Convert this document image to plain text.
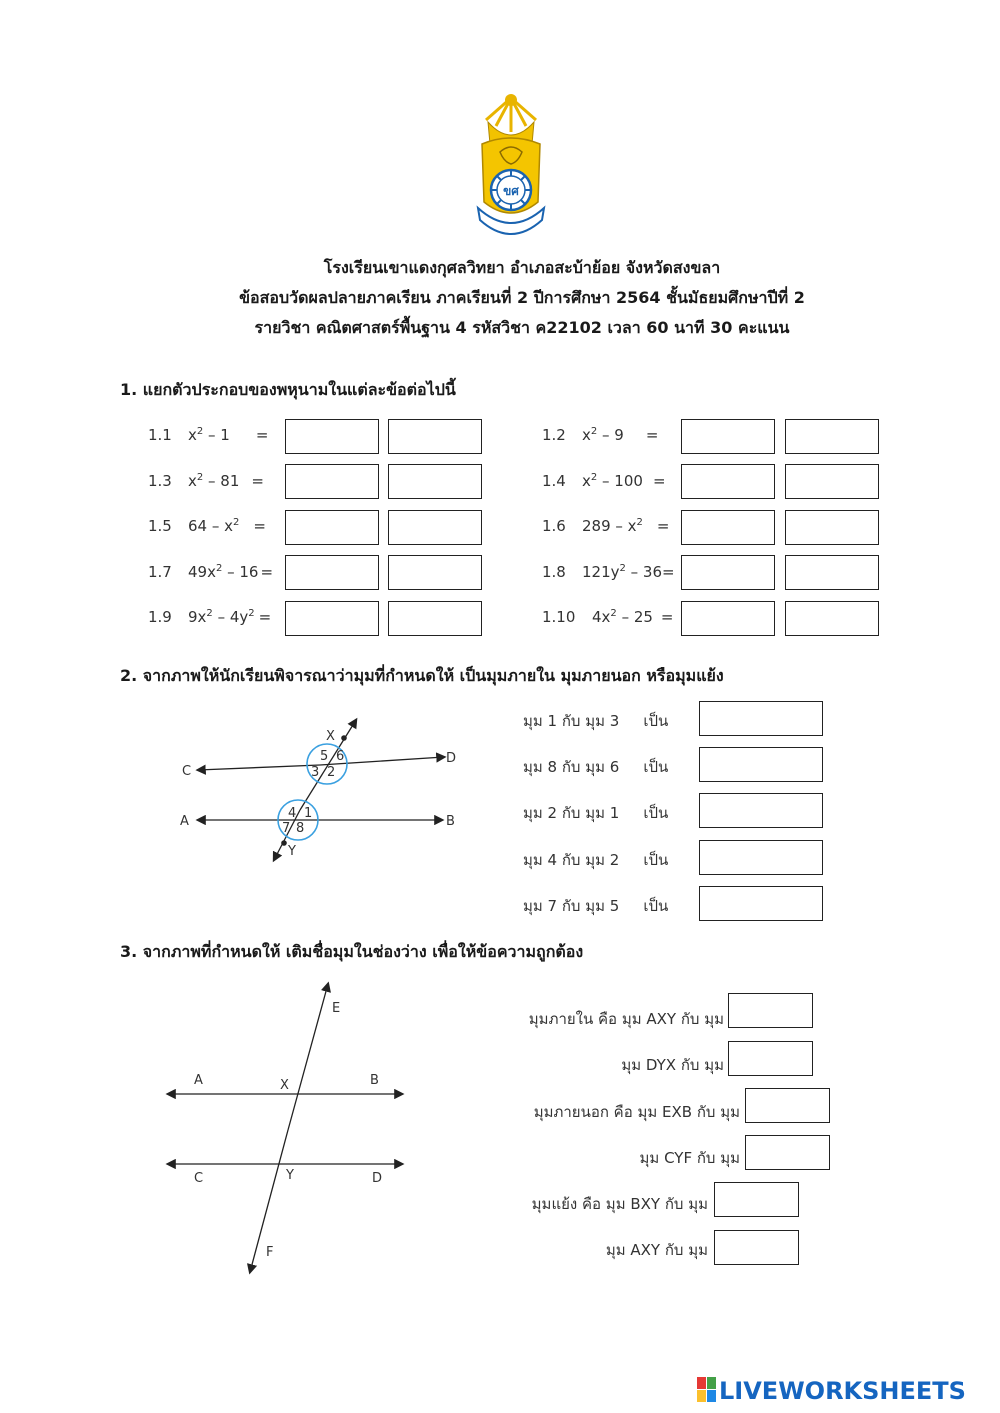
ขศ
โรงเรียนเขาแดงกุศลวิทยา อำเภอสะบ้าย้อย จังหวัดสงขลา
ข้อสอบวัดผลปลายภาคเรียน ภาคเรียนที่ 2 ปีการศึกษา 2564 ชั้นมัธยมศึกษาปีที่ 2
รายวิชา คณิตศาสตร์พื้นฐาน 4 รหัสวิชา ค22102 เวลา 60 นาที 30 คะแนน
1. แยกตัวประกอบของพหุนามในแต่ละข้อต่อไปนี้
1.1 $x^2 - 1$ =	1.2 $x^2 - 9$ =
1.3 $x^2 - 81$ =	1.4 $x^2 - 100$ =
1.5 $64 - x^2$ =	1.6 $289 - x^2$ =
1.7 $49x^2 - 16$ =	1.8 $121y^2 - 36=$
1.9 $9x^2 - 4y^2$ =	1.10 $4x^2 - 25$ =
2. จากภาพให้นักเรียนพิจารณาว่ามุมที่กำหนดให้ เป็นมุมภายใน มุมภายนอก หรือมุมแย้ง
X
Y
C
D
A	B
5 6
3 2
4 1
7 8
มุม 1 กับ มุม 3 เป็น
มุม 8 กับ มุม 6 เป็น
มุม 2 กับ มุม 1 เป็น
มุม 4 กับ มุม 2 เป็น
มุม 7 กับ มุม 5 เป็น
3. จากภาพที่กำหนดให้ เติมชื่อมุมในช่องว่าง เพื่อให้ข้อความถูกต้อง
E
F
A	B
C	D
X
Y
มุมภายใน คือ มุม AXY กับ มุม
มุม DYX กับ มุม
มุมภายนอก คือ มุม EXB กับ มุม
มุม CYF กับ มุม
มุมแย้ง คือ มุม BXY กับ มุม
มุม AXY กับ มุม
LIVEWORKSHEETS
